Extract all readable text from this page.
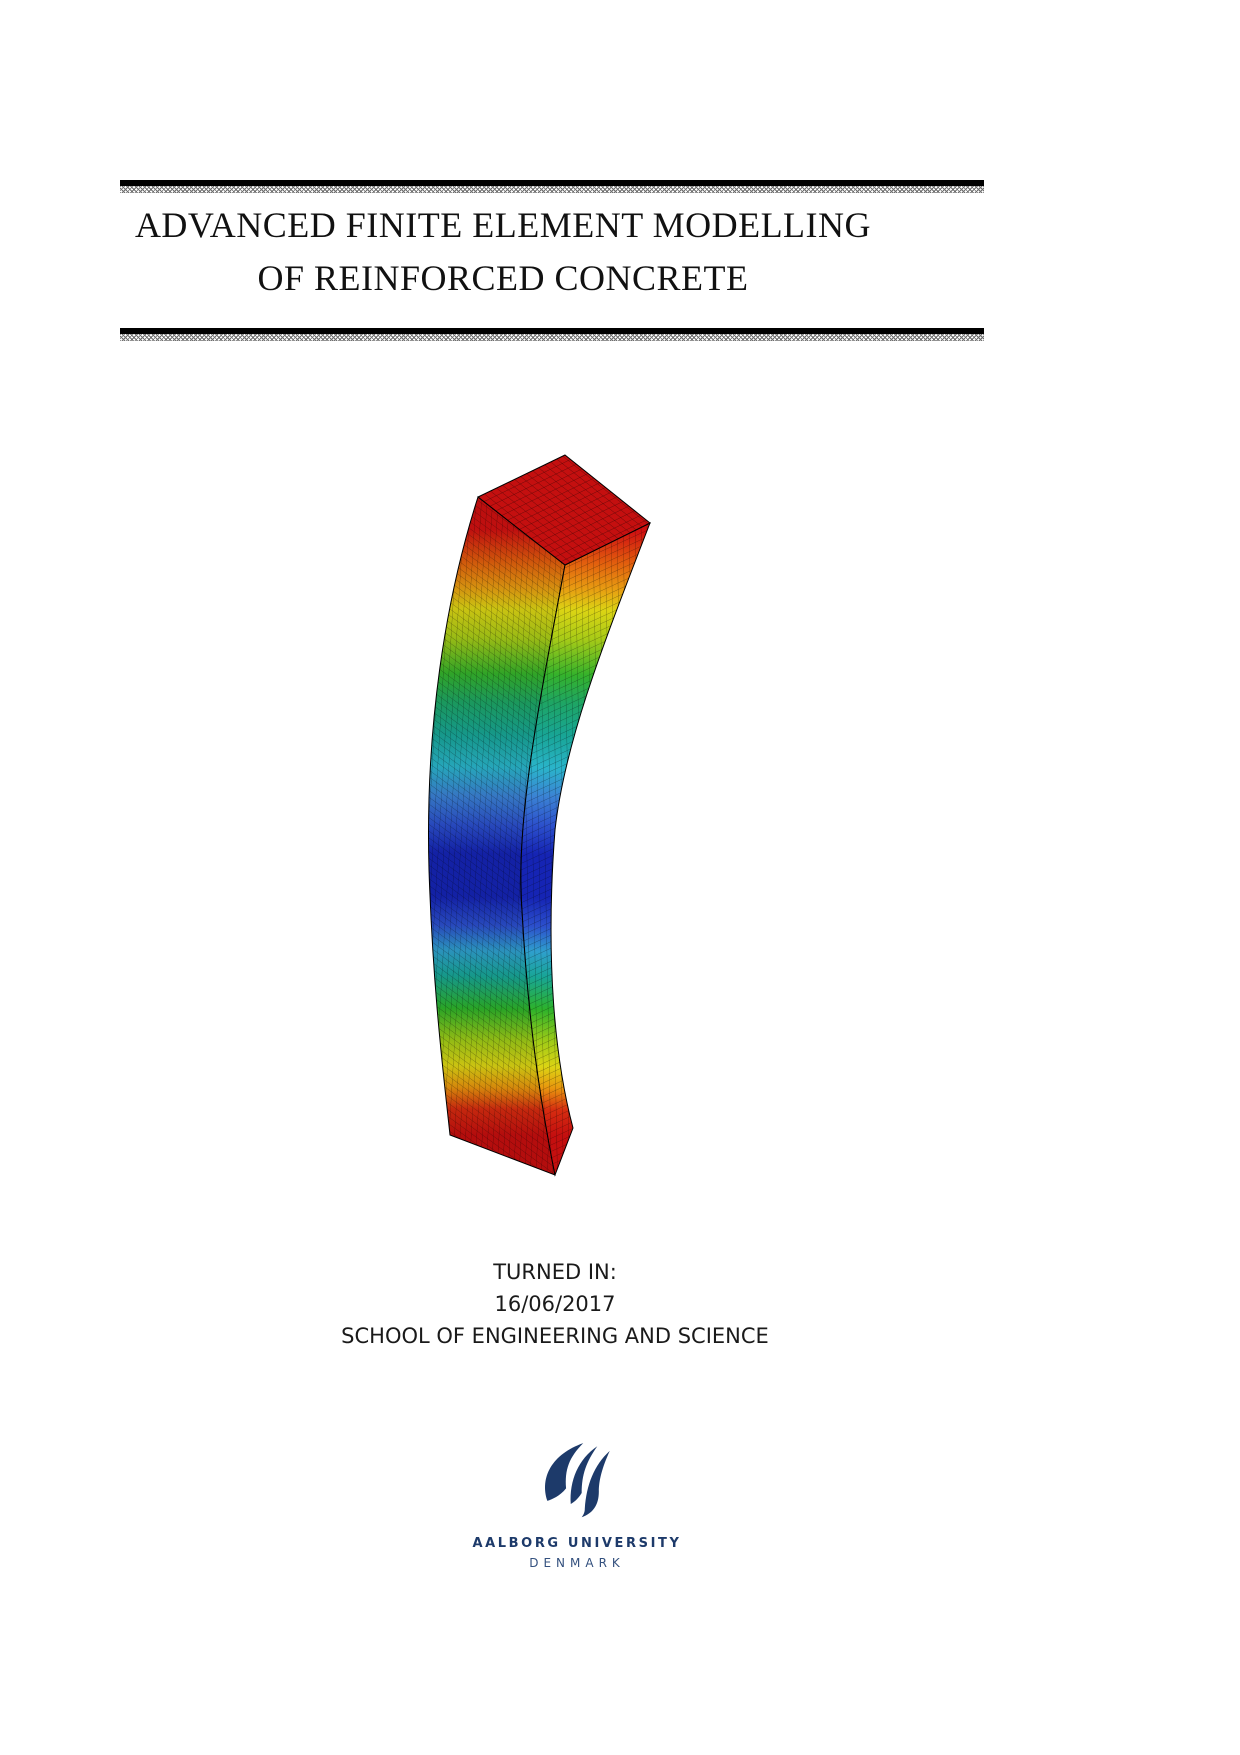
ADVANCED FINITE ELEMENT MODELLING
OF REINFORCED CONCRETE
TURNED IN:
16/06/2017
SCHOOL OF ENGINEERING AND SCIENCE
AALBORG UNIVERSITY
DENMARK
